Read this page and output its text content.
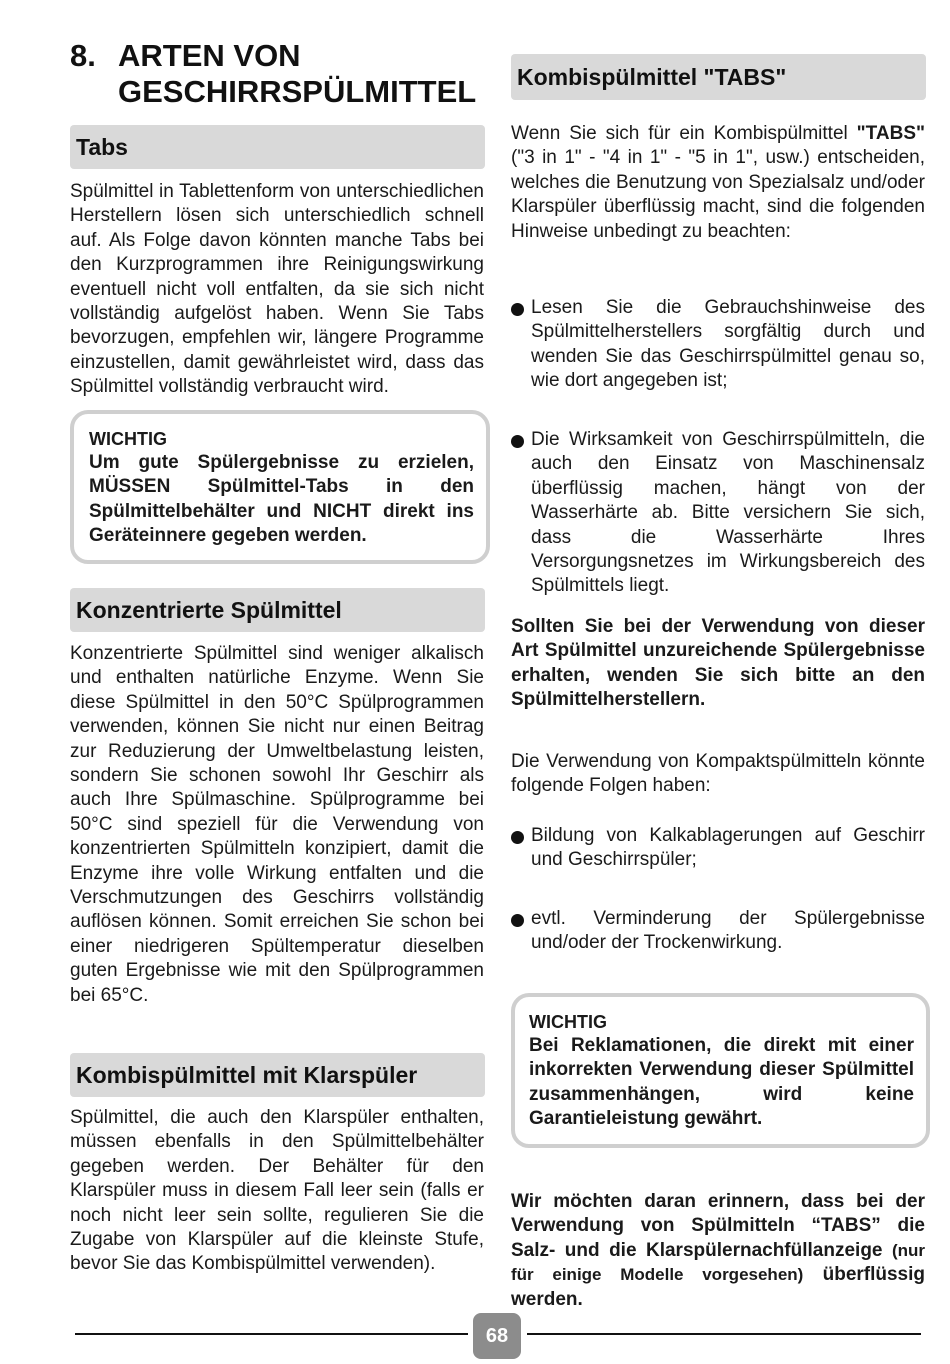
8. ARTEN VON GESCHIRRSPÜLMITTEL
Tabs

Spülmittel in Tablettenform von unterschiedlichen Herstellern lösen sich unterschiedlich schnell auf. Als Folge davon könnten manche Tabs bei den Kurzprogrammen ihre Reinigungswirkung eventuell nicht voll entfalten, da sie sich nicht vollständig aufgelöst haben. Wenn Sie Tabs bevorzugen, empfehlen wir, längere Programme einzustellen, damit gewährleistet wird, dass das Spülmittel vollständig verbraucht wird.

WICHTIG

Um gute Spülergebnisse zu erzielen, MÜSSEN Spülmittel-Tabs in den Spülmittelbehälter und NICHT direkt ins Geräteinnere gegeben werden.

Konzentrierte Spülmittel

Konzentrierte Spülmittel sind weniger alkalisch und enthalten natürliche Enzyme. Wenn Sie diese Spülmittel in den 50°C Spülprogrammen verwenden, können Sie nicht nur einen Beitrag zur Reduzierung der Umweltbelastung leisten, sondern Sie schonen sowohl Ihr Geschirr als auch Ihre Spülmaschine. Spülprogramme bei 50°C sind speziell für die Verwendung von konzentrierten Spülmitteln konzipiert, damit die Enzyme ihre volle Wirkung entfalten und die Verschmutzungen des Geschirrs vollständig auflösen können. Somit erreichen Sie schon bei einer niedrigeren Spültemperatur dieselben guten Ergebnisse wie mit den Spülprogrammen bei 65°C.

Kombispülmittel mit Klarspüler

Spülmittel, die auch den Klarspüler enthalten, müssen ebenfalls in den Spülmittelbehälter gegeben werden. Der Behälter für den Klarspüler muss in diesem Fall leer sein (falls er noch nicht leer sein sollte, regulieren Sie die Zugabe von Klarspüler auf die kleinste Stufe, bevor Sie das Kombispülmittel verwenden).

Kombispülmittel "TABS"

Wenn Sie sich für ein Kombispülmittel "TABS" ("3 in 1" - "4 in 1" - "5 in 1", usw.) entscheiden, welches die Benutzung von Spezialsalz und/oder Klarspüler überflüssig macht, sind die folgenden Hinweise unbedingt zu beachten:

Lesen Sie die Gebrauchshinweise des Spülmittelherstellers sorgfältig durch und wenden Sie das Geschirrspülmittel genau so, wie dort angegeben ist;

Die Wirksamkeit von Geschirrspülmitteln, die auch den Einsatz von Maschinensalz überflüssig machen, hängt von der Wasserhärte ab. Bitte versichern Sie sich, dass die Wasserhärte Ihres Versorgungsnetzes im Wirkungsbereich des Spülmittels liegt.

Sollten Sie bei der Verwendung von dieser Art Spülmittel unzureichende Spülergebnisse erhalten, wenden Sie sich bitte an den Spülmittelherstellern.

Die Verwendung von Kompaktspülmitteln könnte folgende Folgen haben:

Bildung von Kalkablagerungen auf Geschirr und Geschirrspüler;

evtl. Verminderung der Spülergebnisse und/oder der Trockenwirkung.

WICHTIG

Bei Reklamationen, die direkt mit einer inkorrekten Verwendung dieser Spülmittel zusammenhängen, wird keine Garantieleistung gewährt.

Wir möchten daran erinnern, dass bei der Verwendung von Spülmitteln “TABS” die Salz- und die Klarspülernachfüllanzeige (nur für einige Modelle vorgesehen) überflüssig werden.

68
